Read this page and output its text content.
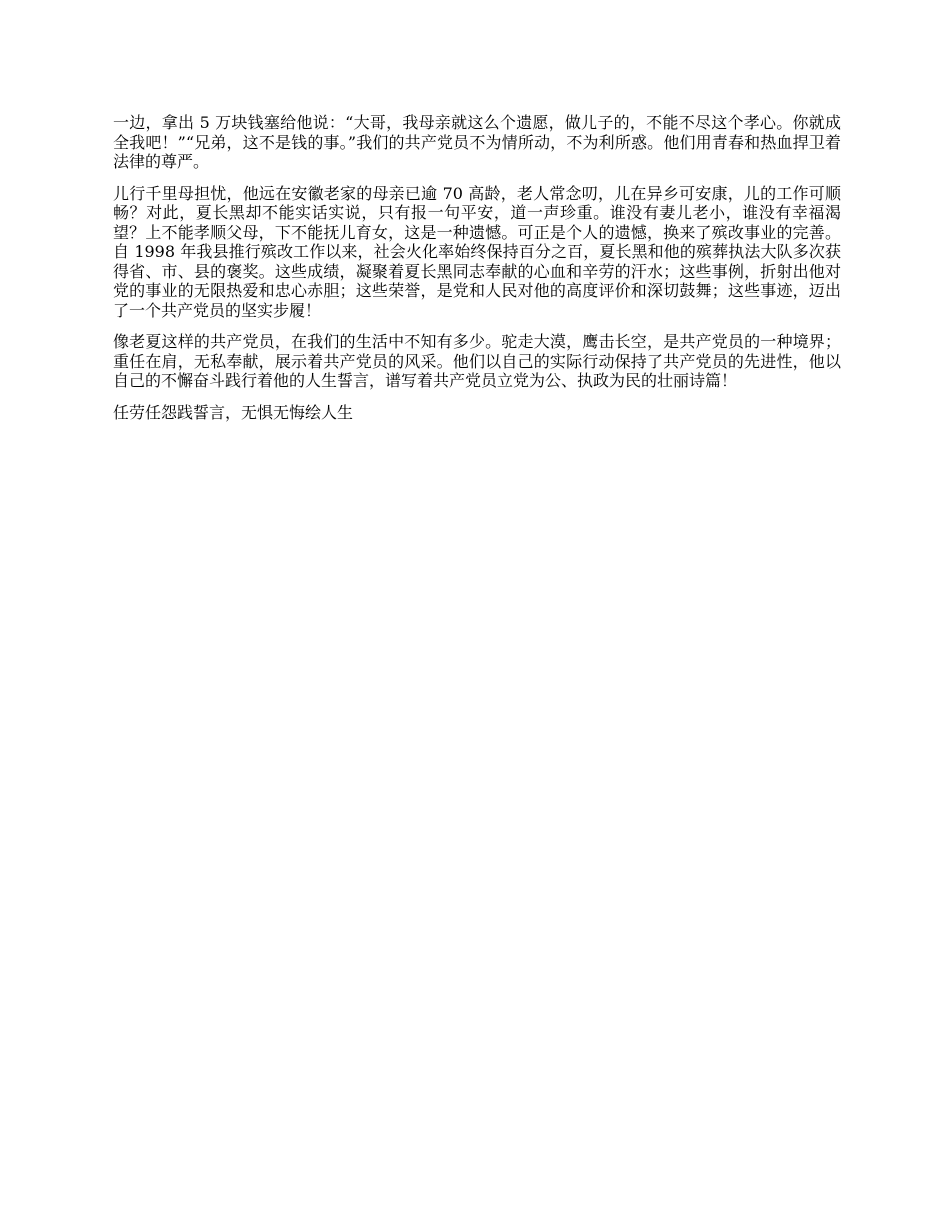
一边，拿出 5 万块钱塞给他说：“大哥，我母亲就这么个遗愿，做儿子的，不能不尽这个孝心。你就成全我吧！”“兄弟，这不是钱的事。”我们的共产党员不为情所动，不为利所惑。他们用青春和热血捍卫着法律的尊严。

儿行千里母担忧，他远在安徽老家的母亲已逾 70 高龄，老人常念叨，儿在异乡可安康，儿的工作可顺畅？对此，夏长黑却不能实话实说，只有报一句平安，道一声珍重。谁没有妻儿老小，谁没有幸福渴望？上不能孝顺父母，下不能抚儿育女，这是一种遗憾。可正是个人的遗憾，换来了殡改事业的完善。自 1998 年我县推行殡改工作以来，社会火化率始终保持百分之百，夏长黑和他的殡葬执法大队多次获得省、市、县的褒奖。这些成绩，凝聚着夏长黑同志奉献的心血和辛劳的汗水；这些事例，折射出他对党的事业的无限热爱和忠心赤胆；这些荣誉，是党和人民对他的高度评价和深切鼓舞；这些事迹，迈出了一个共产党员的坚实步履！

像老夏这样的共产党员，在我们的生活中不知有多少。驼走大漠，鹰击长空，是共产党员的一种境界；重任在肩，无私奉献，展示着共产党员的风采。他们以自己的实际行动保持了共产党员的先进性，他以自己的不懈奋斗践行着他的人生誓言，谱写着共产党员立党为公、执政为民的壮丽诗篇！

任劳任怨践誓言，无惧无悔绘人生
